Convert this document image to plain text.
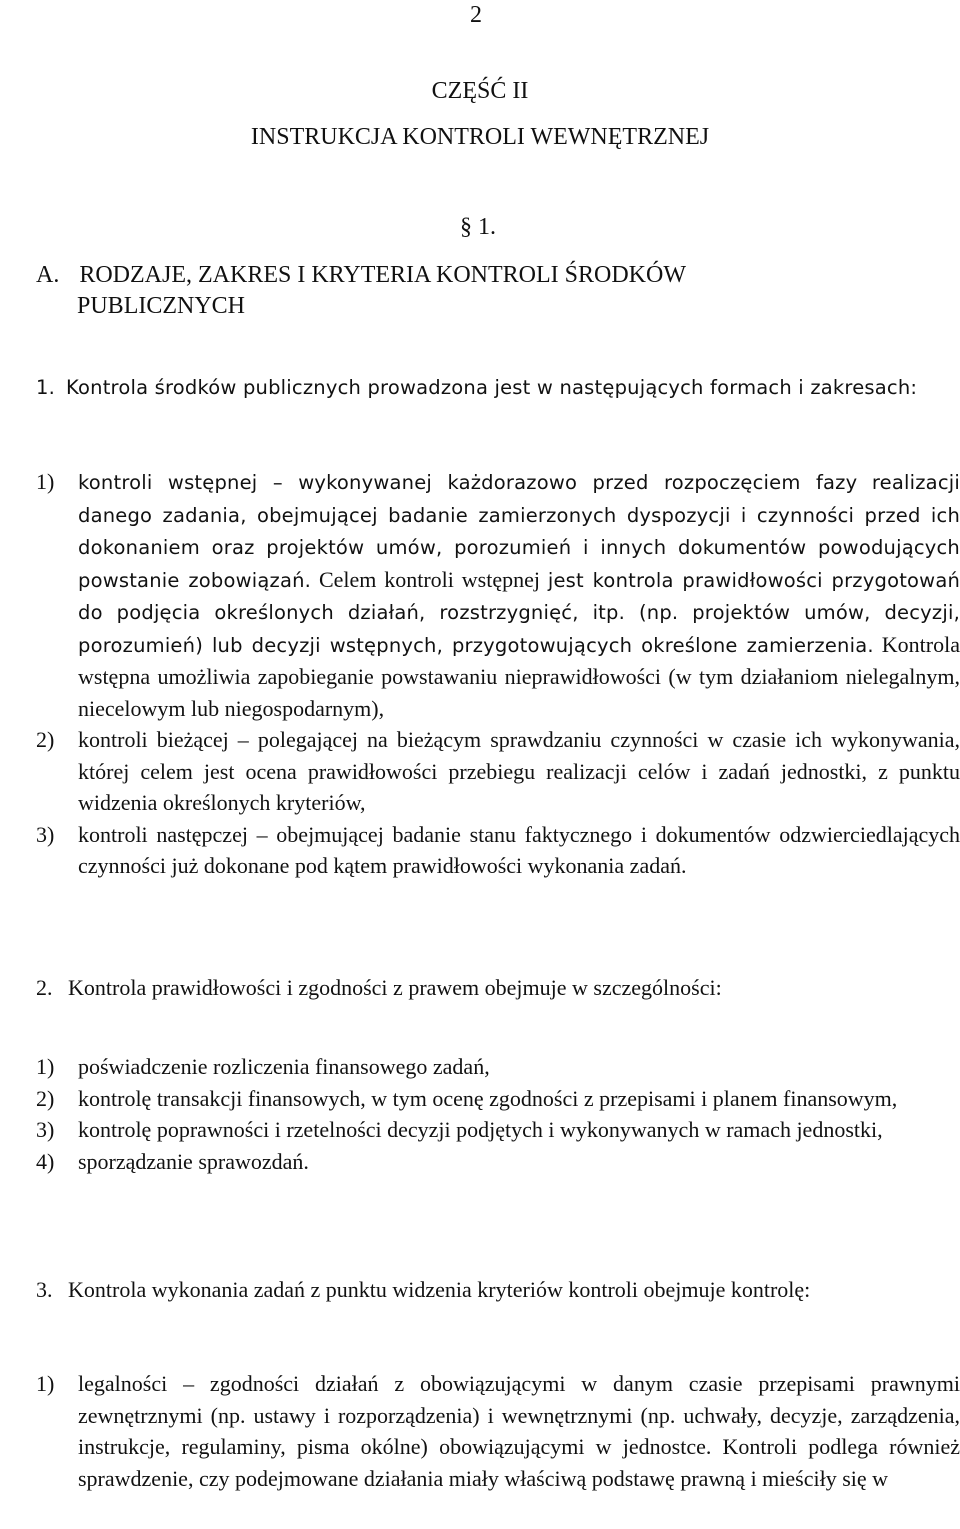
2
CZĘŚĆ II
INSTRUKCJA KONTROLI WEWNĘTRZNEJ
§ 1.
A. RODZAJE, ZAKRES I KRYTERIA KONTROLI ŚRODKÓW
PUBLICZNYCH
1. Kontrola środków publicznych prowadzona jest w następujących formach i zakresach:
1)	kontroli wstępnej – wykonywanej każdorazowo przed rozpoczęciem fazy realizacji danego zadania, obejmującej badanie zamierzonych dyspozycji i czynności przed ich dokonaniem oraz projektów umów, porozumień i innych dokumentów powodujących powstanie zobowiązań. Celem kontroli wstępnej jest kontrola prawidłowości przygotowań do podjęcia określonych działań, rozstrzygnięć, itp. (np. projektów umów, decyzji, porozumień) lub decyzji wstępnych, przygotowujących określone zamierzenia. Kontrola wstępna umożliwia zapobieganie powstawaniu nieprawidłowości (w tym działaniom nielegalnym, niecelowym lub niegospodarnym),
2)	kontroli bieżącej – polegającej na bieżącym sprawdzaniu czynności w czasie ich wykonywania, której celem jest ocena prawidłowości przebiegu realizacji celów i zadań jednostki, z punktu widzenia określonych kryteriów,
3)	kontroli następczej – obejmującej badanie stanu faktycznego i dokumentów odzwierciedlających czynności już dokonane pod kątem prawidłowości wykonania zadań.
2. Kontrola prawidłowości i zgodności z prawem obejmuje w szczególności:
1)	poświadczenie rozliczenia finansowego zadań,
2)	kontrolę transakcji finansowych, w tym ocenę zgodności z przepisami i planem finansowym,
3)	kontrolę poprawności i rzetelności decyzji podjętych i wykonywanych w ramach jednostki,
4)	sporządzanie sprawozdań.
3. Kontrola wykonania zadań z punktu widzenia kryteriów kontroli obejmuje kontrolę:
1)	legalności – zgodności działań z obowiązującymi w danym czasie przepisami prawnymi zewnętrznymi (np. ustawy i rozporządzenia) i wewnętrznymi (np. uchwały, decyzje, zarządzenia, instrukcje, regulaminy, pisma okólne) obowiązującymi w jednostce. Kontroli podlega również sprawdzenie, czy podejmowane działania miały właściwą podstawę prawną i mieściły się w
